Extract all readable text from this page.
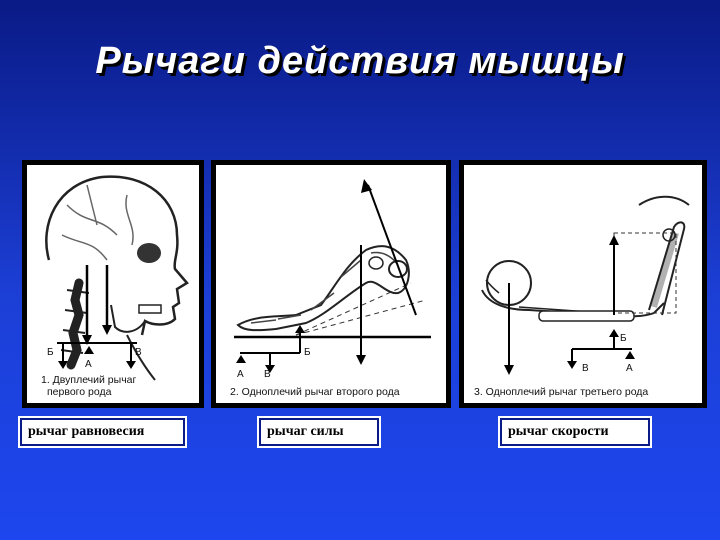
Рычаги действия мышцы
Б
А
В
1. Двуплечий рычаг
первого рода
А В
Б
2. Одноплечий рычаг второго рода
Б
В	А
3. Одноплечий рычаг третьего рода
рычаг равновесия	рычаг силы	рычаг скорости
